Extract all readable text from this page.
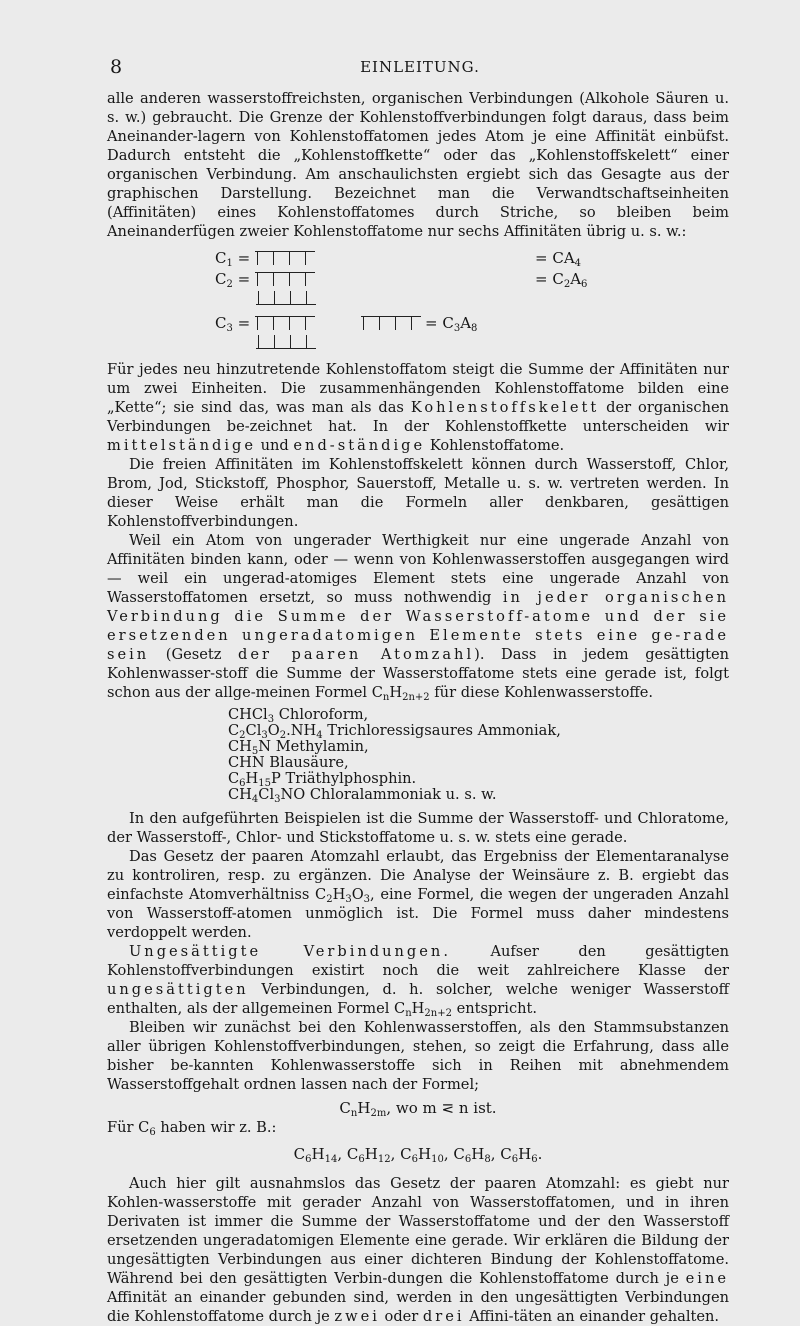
8	EINLEITUNG.

alle anderen wasserstoffreichsten, organischen Verbindungen (Alkohole Säuren u. s. w.) gebraucht. Die Grenze der Kohlenstoffverbindungen folgt daraus, dass beim Aneinander-lagern von Kohlenstoffatomen jedes Atom je eine Affinität einbüfst. Dadurch entsteht die „Kohlenstoffkette“ oder das „Kohlenstoffskelett“ einer organischen Verbindung. Am anschaulichsten ergiebt sich das Gesagte aus der graphischen Darstellung. Bezeichnet man die Verwandtschaftseinheiten (Affinitäten) eines Kohlenstoffatomes durch Striche, so bleiben beim Aneinanderfügen zweier Kohlenstoffatome nur sechs Affinitäten übrig u. s. w.:

$C_1$ =	= $CA_4$
$C_2$ =	= $C_2A_6$
$C_3$ =	= $C_3A_8$

Für jedes neu hinzutretende Kohlenstoffatom steigt die Summe der Affinitäten nur um zwei Einheiten. Die zusammenhängenden Kohlenstoffatome bilden eine „Kette“; sie sind das, was man als das Kohlenstoffskelett der organischen Verbindungen be-zeichnet hat. In der Kohlenstoffkette unterscheiden wir mittelständige und end-ständige Kohlenstoffatome.

Die freien Affinitäten im Kohlenstoffskelett können durch Wasserstoff, Chlor, Brom, Jod, Stickstoff, Phosphor, Sauerstoff, Metalle u. s. w. vertreten werden. In dieser Weise erhält man die Formeln aller denkbaren, gesättigen Kohlenstoffverbindungen.

Weil ein Atom von ungerader Werthigkeit nur eine ungerade Anzahl von Affinitäten binden kann, oder — wenn von Kohlenwasserstoffen ausgegangen wird — weil ein ungerad-atomiges Element stets eine ungerade Anzahl von Wasserstoffatomen ersetzt, so muss nothwendig in jeder organischen Verbindung die Summe der Wasserstoff-atome und der sie ersetzenden ungeradatomigen Elemente stets eine ge-rade sein (Gesetz der paaren Atomzahl). Dass in jedem gesättigten Kohlenwasser-stoff die Summe der Wasserstoffatome stets eine gerade ist, folgt schon aus der allge-meinen Formel $C_nH_{2n+2}$ für diese Kohlenwasserstoffe.

CHCl$_3$ Chloroform,
$C_2Cl_3O_2.NH_4$ Trichloressigsaures Ammoniak,
$CH_5N$ Methylamin,
CHN Blausäure,
$C_6H_{15}P$ Triäthylphosphin.
$CH_4Cl_3NO$ Chloralammoniak u. s. w.

In den aufgeführten Beispielen ist die Summe der Wasserstoff- und Chloratome, der Wasserstoff-, Chlor- und Stickstoffatome u. s. w. stets eine gerade.

Das Gesetz der paaren Atomzahl erlaubt, das Ergebniss der Elementaranalyse zu kontroliren, resp. zu ergänzen. Die Analyse der Weinsäure z. B. ergiebt das einfachste Atomverhältniss $C_2H_3O_3$, eine Formel, die wegen der ungeraden Anzahl von Wasserstoff-atomen unmöglich ist. Die Formel muss daher mindestens verdoppelt werden.

Ungesättigte Verbindungen. Aufser den gesättigten Kohlenstoffverbindungen existirt noch die weit zahlreichere Klasse der ungesättigten Verbindungen, d. h. solcher, welche weniger Wasserstoff enthalten, als der allgemeinen Formel $C_nH_{2n+2}$ entspricht.

Bleiben wir zunächst bei den Kohlenwasserstoffen, als den Stammsubstanzen aller übrigen Kohlenstoffverbindungen, stehen, so zeigt die Erfahrung, dass alle bisher be-kannten Kohlenwasserstoffe sich in Reihen mit abnehmendem Wasserstoffgehalt ordnen lassen nach der Formel;

$C_nH_{2m}$, wo m ⋜ n ist.

Für $C_6$ haben wir z. B.:

$C_6H_{14}$, $C_6H_{12}$, $C_6H_{10}$, $C_6H_8$, $C_6H_6$.

Auch hier gilt ausnahmslos das Gesetz der paaren Atomzahl: es giebt nur Kohlen-wasserstoffe mit gerader Anzahl von Wasserstoffatomen, und in ihren Derivaten ist immer die Summe der Wasserstoffatome und der den Wasserstoff ersetzenden ungeradatomigen Elemente eine gerade. Wir erklären die Bildung der ungesättigten Verbindungen aus einer dichteren Bindung der Kohlenstoffatome. Während bei den gesättigten Verbin-dungen die Kohlenstoffatome durch je eine Affinität an einander gebunden sind, werden in den ungesättigten Verbindungen die Kohlenstoffatome durch je zwei oder drei Affini-täten an einander gehalten.
